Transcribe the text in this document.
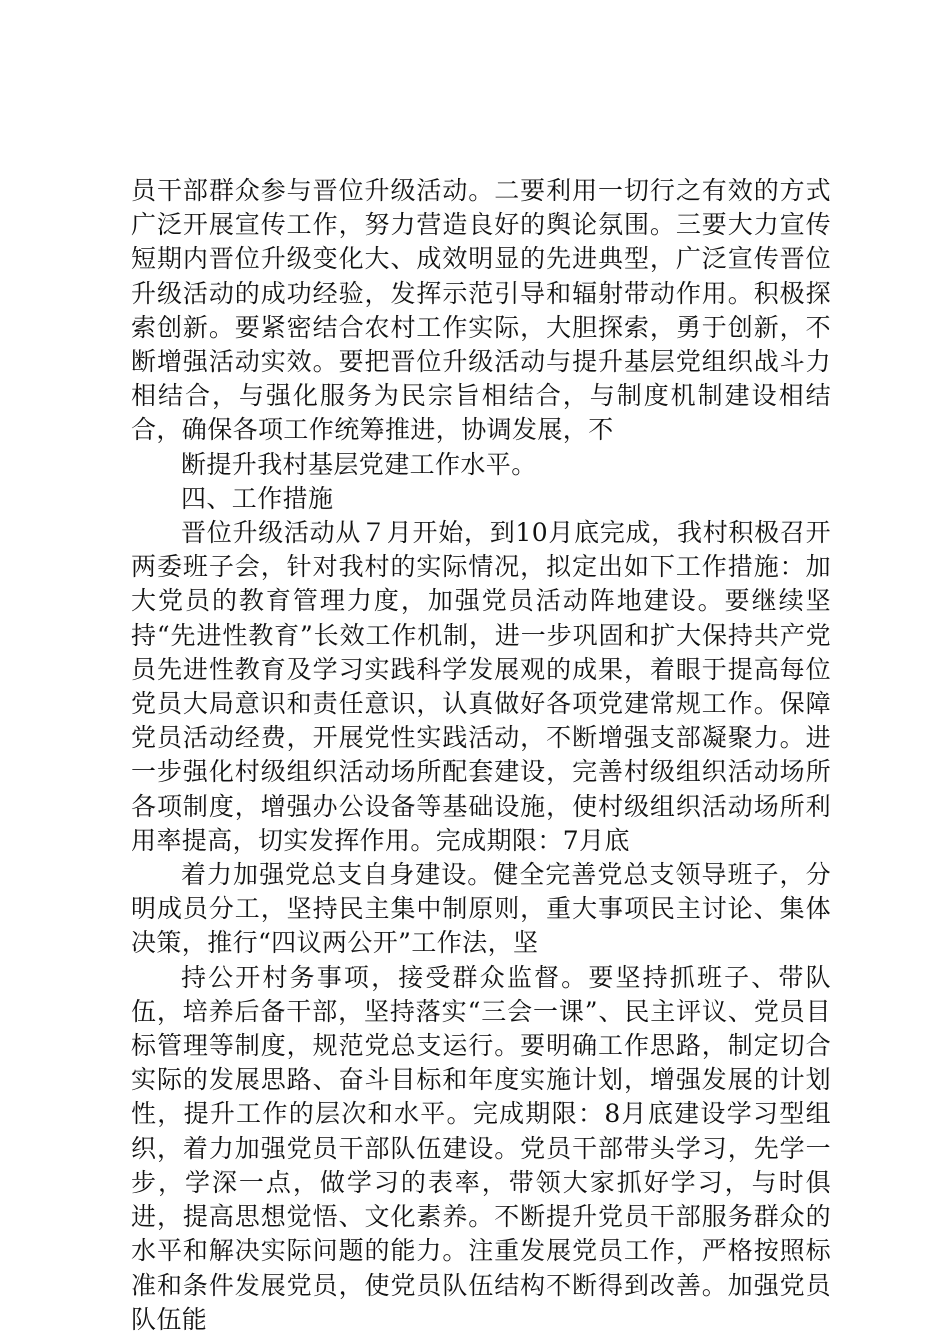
员干部群众参与晋位升级活动。二要利用一切行之有效的方式广泛开展宣传工作，努力营造良好的舆论氛围。三要大力宣传短期内晋位升级变化大、成效明显的先进典型，广泛宣传晋位升级活动的成功经验，发挥示范引导和辐射带动作用。积极探索创新。要紧密结合农村工作实际，大胆探索，勇于创新，不断增强活动实效。要把晋位升级活动与提升基层党组织战斗力相结合，与强化服务为民宗旨相结合，与制度机制建设相结合，确保各项工作统筹推进，协调发展，不

断提升我村基层党建工作水平。

四、工作措施

晋位升级活动从７月开始，到10月底完成，我村积极召开两委班子会，针对我村的实际情况，拟定出如下工作措施：加大党员的教育管理力度，加强党员活动阵地建设。要继续坚持“先进性教育”长效工作机制，进一步巩固和扩大保持共产党员先进性教育及学习实践科学发展观的成果，着眼于提高每位党员大局意识和责任意识，认真做好各项党建常规工作。保障党员活动经费，开展党性实践活动，不断增强支部凝聚力。进一步强化村级组织活动场所配套建设，完善村级组织活动场所各项制度，增强办公设备等基础设施，使村级组织活动场所利用率提高，切实发挥作用。完成期限：7月底

着力加强党总支自身建设。健全完善党总支领导班子，分明成员分工，坚持民主集中制原则，重大事项民主讨论、集体决策，推行“四议两公开”工作法，坚

持公开村务事项，接受群众监督。要坚持抓班子、带队伍，培养后备干部，坚持落实“三会一课”、民主评议、党员目标管理等制度，规范党总支运行。要明确工作思路，制定切合实际的发展思路、奋斗目标和年度实施计划，增强发展的计划性，提升工作的层次和水平。完成期限：8月底建设学习型组织，着力加强党员干部队伍建设。党员干部带头学习，先学一步，学深一点，做学习的表率，带领大家抓好学习，与时俱进，提高思想觉悟、文化素养。不断提升党员干部服务群众的水平和解决实际问题的能力。注重发展党员工作，严格按照标准和条件发展党员，使党员队伍结构不断得到改善。加强党员队伍能
